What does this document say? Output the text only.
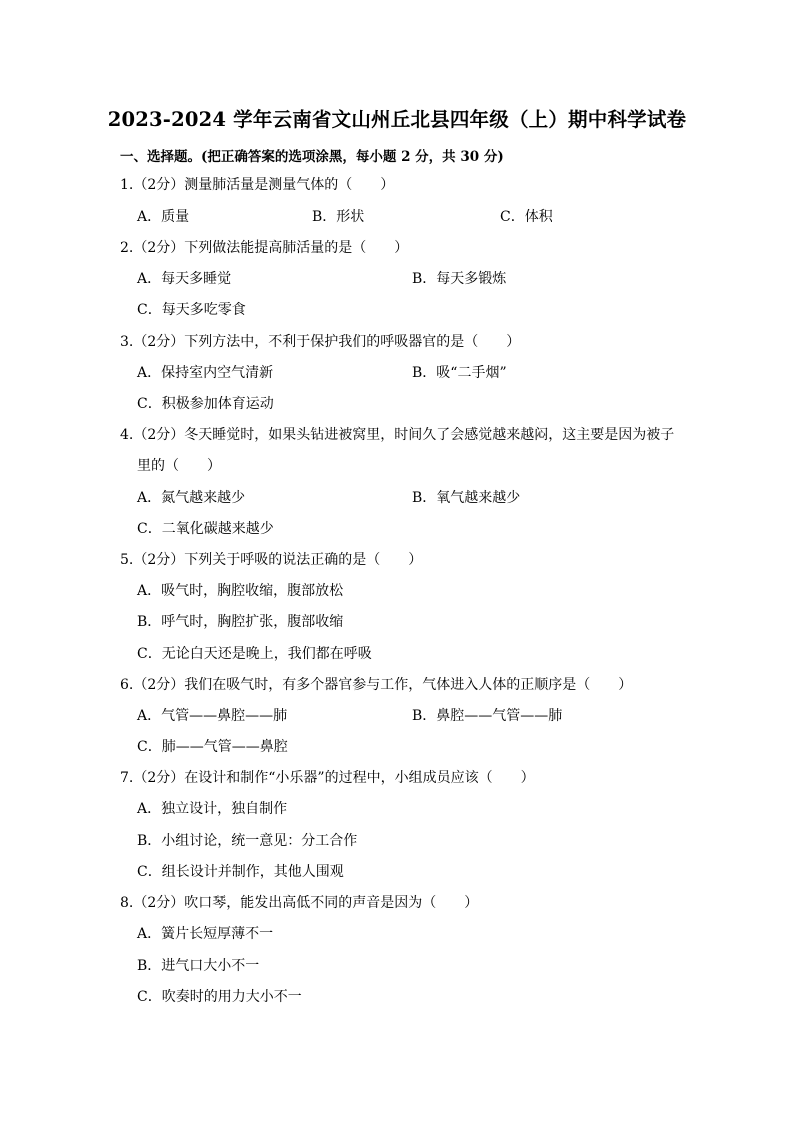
2023-2024 学年云南省文山州丘北县四年级（上）期中科学试卷
一、选择题。(把正确答案的选项涂黑，每小题 2 分，共 30 分)
1.（2分）测量肺活量是测量气体的（　　）
A．质量	B．形状	C．体积
2.（2分）下列做法能提高肺活量的是（　　）
A．每天多睡觉	B．每天多锻炼
C．每天多吃零食
3.（2分）下列方法中，不利于保护我们的呼吸器官的是（　　）
A．保持室内空气清新	B．吸“二手烟”
C．积极参加体育运动
4.（2分）冬天睡觉时，如果头钻进被窝里，时间久了会感觉越来越闷，这主要是因为被子
里的（　　）
A．氮气越来越少	B．氧气越来越少
C．二氧化碳越来越少
5.（2分）下列关于呼吸的说法正确的是（　　）
A．吸气时，胸腔收缩，腹部放松
B．呼气时，胸腔扩张，腹部收缩
C．无论白天还是晚上，我们都在呼吸
6.（2分）我们在吸气时，有多个器官参与工作，气体进入人体的正顺序是（　　）
A．气管——鼻腔——肺	B．鼻腔——气管——肺
C．肺——气管——鼻腔
7.（2分）在设计和制作“小乐器”的过程中，小组成员应该（　　）
A．独立设计，独自制作
B．小组讨论，统一意见：分工合作
C．组长设计并制作，其他人围观
8.（2分）吹口琴，能发出高低不同的声音是因为（　　）
A．簧片长短厚薄不一
B．进气口大小不一
C．吹奏时的用力大小不一
